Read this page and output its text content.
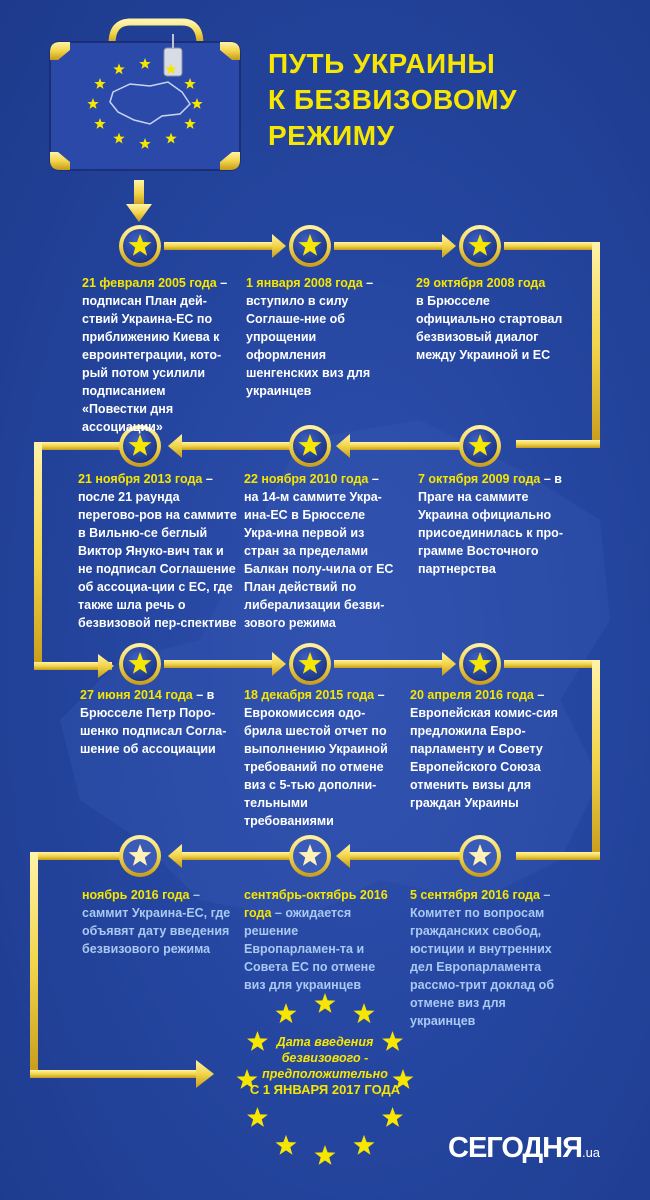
ПУТЬ УКРАИНЫ
К БЕЗВИЗОВОМУ
РЕЖИМУ
21 февраля 2005 года – подписан План дей-ствий Украина-ЕС по приближению Киева к евроинтеграции, кото-рый потом усилили подписанием «Повестки дня ассоциации»
1 января 2008 года – вступило в силу Соглаше-ние об упрощении оформления шенгенских виз для украинцев
29 октября 2008 года
в Брюсселе официально стартовал безвизовый диалог между Украиной и ЕС
21 ноября 2013 года – после 21 раунда перегово-ров на саммите в Вильню-се беглый Виктор Януко-вич так и не подписал Соглашение об ассоциа-ции с ЕС, где также шла речь о безвизовой пер-спективе
22 ноября 2010 года – на 14-м саммите Укра-ина-ЕС в Брюсселе Укра-ина первой из стран за пределами Балкан полу-чила от ЕС План действий по либерализации безви-зового режима
7 октября 2009 года – в Праге на саммите Украина официально присоединилась к про-грамме Восточного партнерства
27 июня 2014 года – в Брюсселе Петр Поро-шенко подписал Согла-шение об ассоциации
18 декабря 2015 года – Еврокомиссия одо-брила шестой отчет по выполнению Украиной требований по отмене виз с 5-тью дополни-тельными требованиями
20 апреля 2016 года – Европейская комис-сия предложила Евро-парламенту и Совету Европейского Союза отменить визы для граждан Украины
ноябрь 2016 года – саммит Украина-ЕС, где объявят дату введения безвизового режима
сентябрь-октябрь 2016 года – ожидается решение Европарламен-та и Совета ЕС по отмене виз для украинцев
5 сентября 2016 года – Комитет по вопросам гражданских свобод, юстиции и внутренних дел Европарламента рассмо-трит доклад об отмене виз для украинцев
Дата введения безвизового - предположительно
С 1 ЯНВАРЯ 2017 ГОДА
СЕГОДНЯ.ua
